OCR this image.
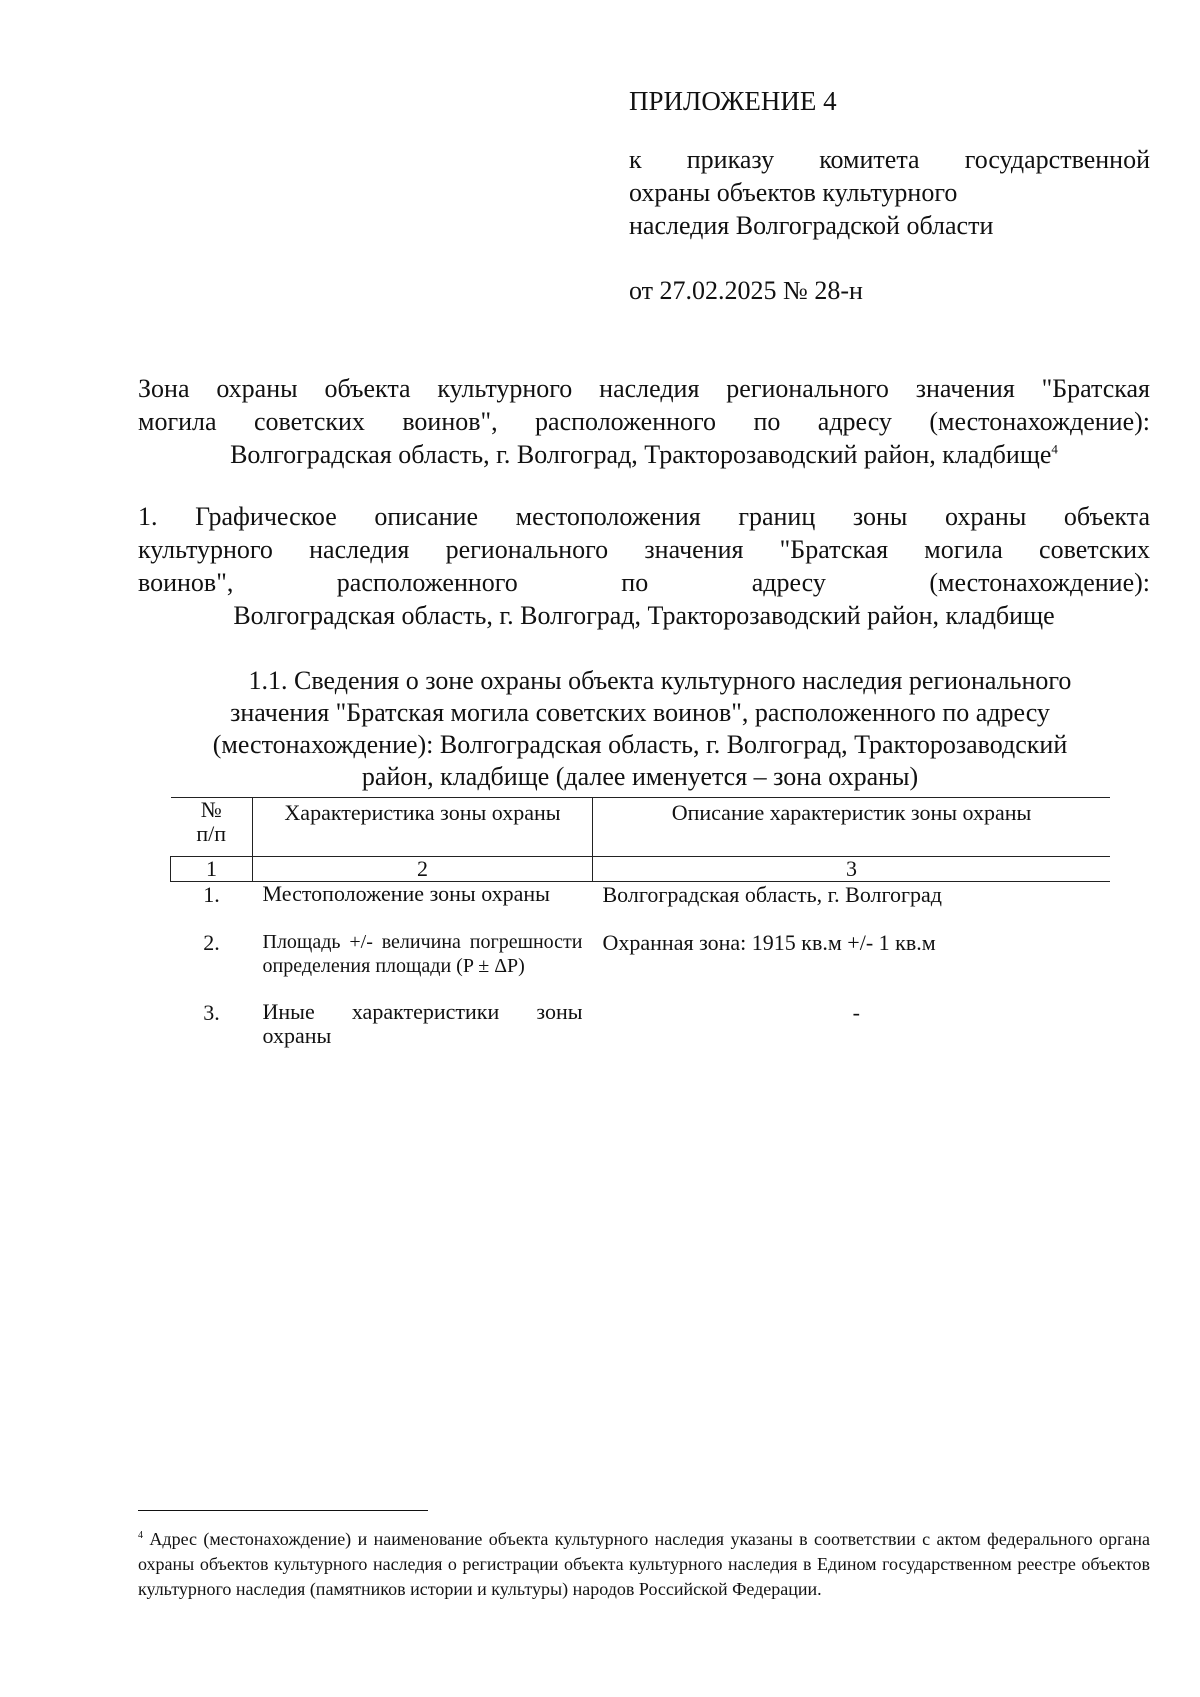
ПРИЛОЖЕНИЕ 4
к приказу комитета государственной
охраны объектов культурного
наследия Волгоградской области
от 27.02.2025 № 28-н
Зона охраны объекта культурного наследия регионального значения "Братская
могила советских воинов", расположенного по адресу (местонахождение):
Волгоградская область, г. Волгоград, Тракторозаводский район, кладбище$^4$
1. Графическое описание местоположения границ зоны охраны объекта
культурного наследия регионального значения "Братская могила советских
воинов", расположенного по адресу (местонахождение):
Волгоградская область, г. Волгоград, Тракторозаводский район, кладбище
1.1. Сведения о зоне охраны объекта культурного наследия регионального
значения "Братская могила советских воинов", расположенного по адресу
(местонахождение): Волгоградская область, г. Волгоград, Тракторозаводский
район, кладбище (далее именуется – зона охраны)
№
п/п	Характеристика зоны охраны	Описание характеристик зоны охраны
1	2	3
1.	Местоположение зоны охраны	Волгоградская область, г. Волгоград

2.	Площадь +/- величина погрешности определения площади (P ± ΔP)	Охранная зона: 1915 кв.м +/- 1 кв.м

3.	Иные характеристики зоны охраны	-
$^4$ Адрес (местонахождение) и наименование объекта культурного наследия указаны в соответствии с актом федерального органа охраны объектов культурного наследия о регистрации объекта культурного наследия в Едином государственном реестре объектов культурного наследия (памятников истории и культуры) народов Российской Федерации.
